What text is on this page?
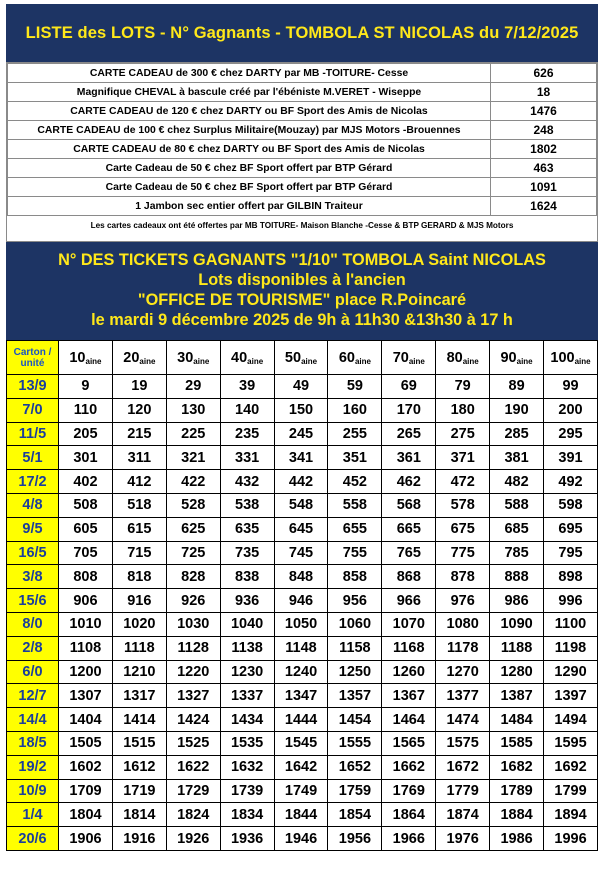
LISTE des LOTS - N° Gagnants - TOMBOLA ST NICOLAS du 7/12/2025
CARTE CADEAU de 300 € chez DARTY par MB -TOITURE- Cesse	626
Magnifique CHEVAL à bascule créé par l'ébéniste M.VERET - Wiseppe	18
CARTE CADEAU de 120 € chez DARTY ou BF Sport des Amis de Nicolas	1476
CARTE CADEAU de 100 € chez Surplus Militaire(Mouzay) par MJS Motors -Brouennes	248
CARTE CADEAU de 80 € chez DARTY ou BF Sport des Amis de Nicolas	1802
Carte Cadeau de 50 € chez BF Sport offert par BTP Gérard	463
Carte Cadeau de 50 € chez BF Sport offert par BTP Gérard	1091
1 Jambon sec entier offert par GILBIN Traiteur	1624
Les cartes cadeaux ont été offertes par MB TOITURE- Maison Blanche -Cesse & BTP GERARD & MJS Motors
N° DES TICKETS GAGNANTS "1/10" TOMBOLA Saint NICOLAS
Lots disponibles à l'ancien
"OFFICE DE TOURISME" place R.Poincaré
le mardi 9 décembre 2025 de 9h à 11h30 &13h30 à 17 h
Carton /
unité	$10_{aine}$	$20_{aine}$	$30_{aine}$	$40_{aine}$	$50_{aine}$	$60_{aine}$	$70_{aine}$	$80_{aine}$	$90_{aine}$	$100_{aine}$
13/9	9	19	29	39	49	59	69	79	89	99
7/0	110	120	130	140	150	160	170	180	190	200
11/5	205	215	225	235	245	255	265	275	285	295
5/1	301	311	321	331	341	351	361	371	381	391
17/2	402	412	422	432	442	452	462	472	482	492
4/8	508	518	528	538	548	558	568	578	588	598
9/5	605	615	625	635	645	655	665	675	685	695
16/5	705	715	725	735	745	755	765	775	785	795
3/8	808	818	828	838	848	858	868	878	888	898
15/6	906	916	926	936	946	956	966	976	986	996
8/0	1010	1020	1030	1040	1050	1060	1070	1080	1090	1100
2/8	1108	1118	1128	1138	1148	1158	1168	1178	1188	1198
6/0	1200	1210	1220	1230	1240	1250	1260	1270	1280	1290
12/7	1307	1317	1327	1337	1347	1357	1367	1377	1387	1397
14/4	1404	1414	1424	1434	1444	1454	1464	1474	1484	1494
18/5	1505	1515	1525	1535	1545	1555	1565	1575	1585	1595
19/2	1602	1612	1622	1632	1642	1652	1662	1672	1682	1692
10/9	1709	1719	1729	1739	1749	1759	1769	1779	1789	1799
1/4	1804	1814	1824	1834	1844	1854	1864	1874	1884	1894
20/6	1906	1916	1926	1936	1946	1956	1966	1976	1986	1996
